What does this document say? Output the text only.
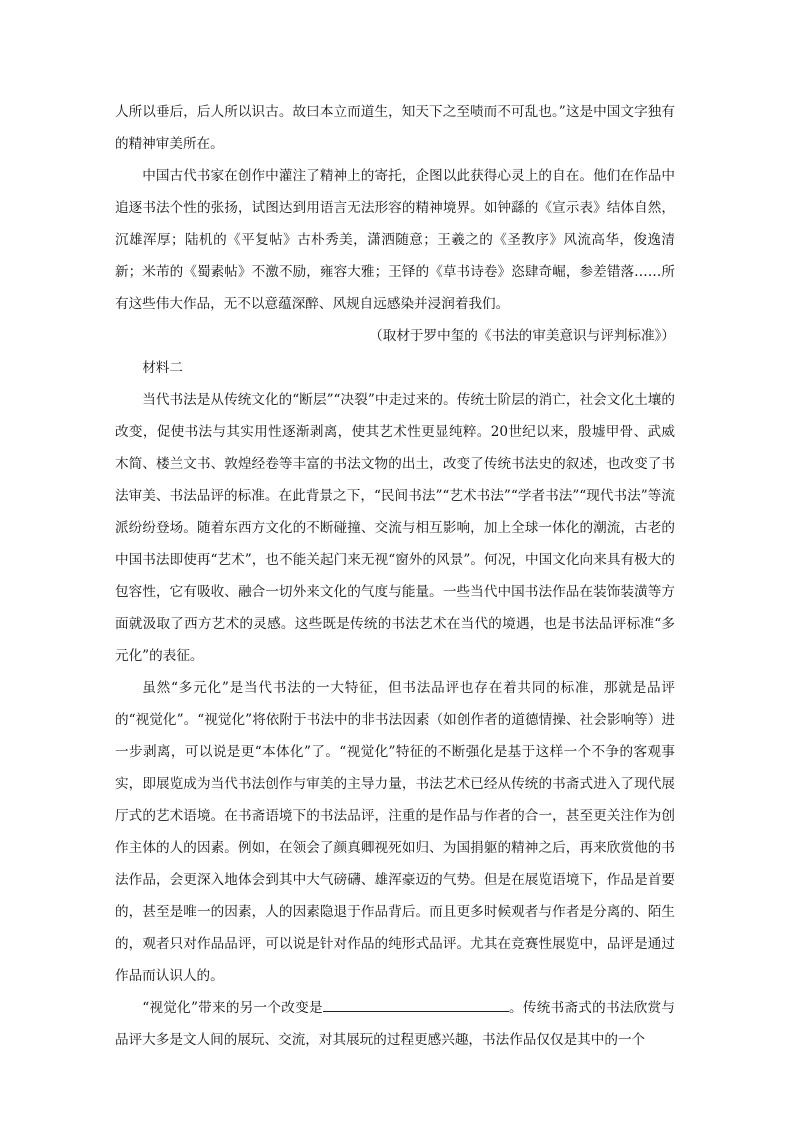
人所以垂后，后人所以识古。故曰本立而道生，知天下之至啧而不可乱也。”这是中国文字独有的精神审美所在。

中国古代书家在创作中灌注了精神上的寄托，企图以此获得心灵上的自在。他们在作品中追逐书法个性的张扬，试图达到用语言无法形容的精神境界。如钟繇的《宣示表》结体自然，沉雄浑厚；陆机的《平复帖》古朴秀美，潇洒随意；王羲之的《圣教序》风流高华，俊逸清新；米芾的《蜀素帖》不激不励，雍容大雅；王铎的《草书诗卷》恣肆奇崛，参差错落……所有这些伟大作品，无不以意蕴深醉、风规自远感染并浸润着我们。

（取材于罗中玺的《书法的审美意识与评判标准》）

材料二

当代书法是从传统文化的“断层”“决裂”中走过来的。传统士阶层的消亡，社会文化土壤的改变，促使书法与其实用性逐渐剥离，使其艺术性更显纯粹。20世纪以来，殷墟甲骨、武威木简、楼兰文书、敦煌经卷等丰富的书法文物的出土，改变了传统书法史的叙述，也改变了书法审美、书法品评的标准。在此背景之下，“民间书法”“艺术书法”“学者书法”“现代书法”等流派纷纷登场。随着东西方文化的不断碰撞、交流与相互影响，加上全球一体化的潮流，古老的中国书法即使再“艺术”，也不能关起门来无视“窗外的风景”。何况，中国文化向来具有极大的包容性，它有吸收、融合一切外来文化的气度与能量。一些当代中国书法作品在装饰装潢等方面就汲取了西方艺术的灵感。这些既是传统的书法艺术在当代的境遇，也是书法品评标准“多元化”的表征。

虽然“多元化”是当代书法的一大特征，但书法品评也存在着共同的标准，那就是品评的“视觉化”。“视觉化”将依附于书法中的非书法因素（如创作者的道德情操、社会影响等）进一步剥离，可以说是更“本体化”了。“视觉化”特征的不断强化是基于这样一个不争的客观事实，即展览成为当代书法创作与审美的主导力量，书法艺术已经从传统的书斋式进入了现代展厅式的艺术语境。在书斋语境下的书法品评，注重的是作品与作者的合一，甚至更关注作为创作主体的人的因素。例如，在领会了颜真卿视死如归、为国捐躯的精神之后，再来欣赏他的书法作品，会更深入地体会到其中大气磅礴、雄浑豪迈的气势。但是在展览语境下，作品是首要的，甚至是唯一的因素，人的因素隐退于作品背后。而且更多时候观者与作者是分离的、陌生的，观者只对作品品评，可以说是针对作品的纯形式品评。尤其在竞赛性展览中，品评是通过作品而认识人的。

“视觉化”带来的另一个改变是	。传统书斋式的书法欣赏与品评大多是文人间的展玩、交流，对其展玩的过程更感兴趣，书法作品仅仅是其中的一个
